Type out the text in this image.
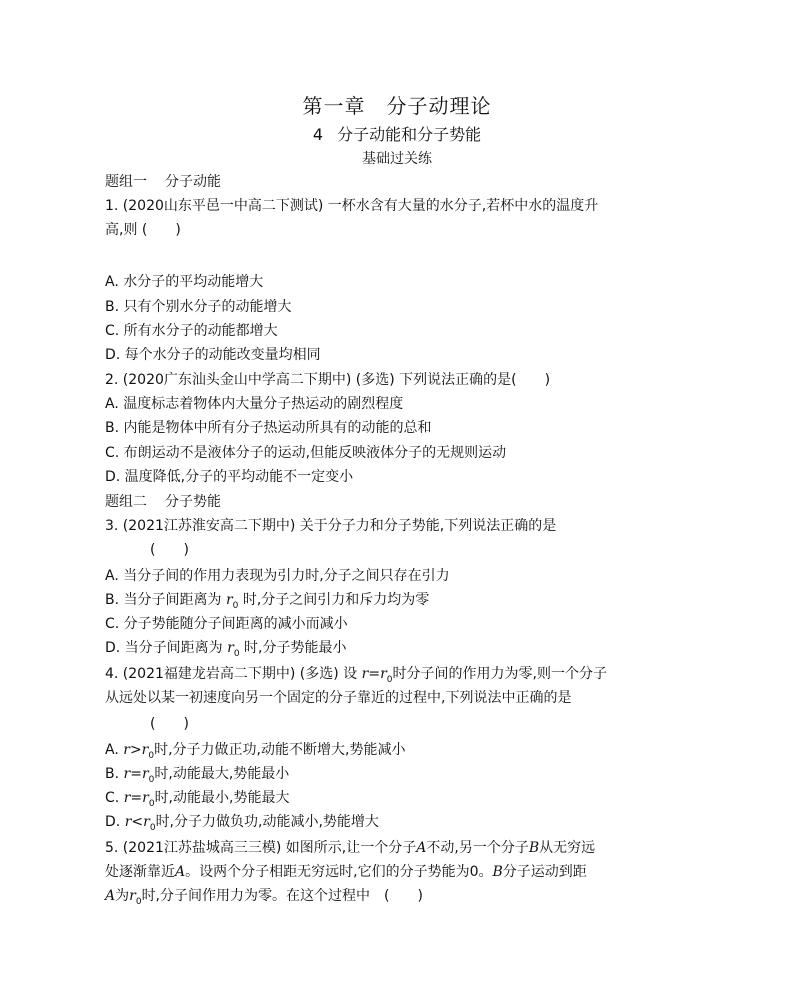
第一章　分子动理论
4 分子动能和分子势能
基础过关练
题组一 分子动能
1. (2020山东平邑一中高二下测试) 一杯水含有大量的水分子,若杯中水的温度升
高,则 (　　)
A. 水分子的平均动能增大
B. 只有个别水分子的动能增大
C. 所有水分子的动能都增大
D. 每个水分子的动能改变量均相同
2. (2020广东汕头金山中学高二下期中) (多选) 下列说法正确的是(　　)
A. 温度标志着物体内大量分子热运动的剧烈程度
B. 内能是物体中所有分子热运动所具有的动能的总和
C. 布朗运动不是液体分子的运动,但能反映液体分子的无规则运动
D. 温度降低,分子的平均动能不一定变小
题组二 分子势能
3. (2021江苏淮安高二下期中) 关于分子力和分子势能,下列说法正确的是
(　　)
A. 当分子间的作用力表现为引力时,分子之间只存在引力
B. 当分子间距离为 $r_0$ 时,分子之间引力和斥力均为零
C. 分子势能随分子间距离的减小而减小
D. 当分子间距离为 $r_0$ 时,分子势能最小
4. (2021福建龙岩高二下期中) (多选) 设 $r=r_0$时分子间的作用力为零,则一个分子
从远处以某一初速度向另一个固定的分子靠近的过程中,下列说法中正确的是
(　　)
A. $r>r_0$时,分子力做正功,动能不断增大,势能减小
B. $r=r_0$时,动能最大,势能最小
C. $r=r_0$时,动能最小,势能最大
D. $r<r_0$时,分子力做负功,动能减小,势能增大
5. (2021江苏盐城高三三模) 如图所示,让一个分子A不动,另一个分子B从无穷远
处逐渐靠近A。设两个分子相距无穷远时,它们的分子势能为0。B分子运动到距
A为$r_0$时,分子间作用力为零。在这个过程中　(　　)
